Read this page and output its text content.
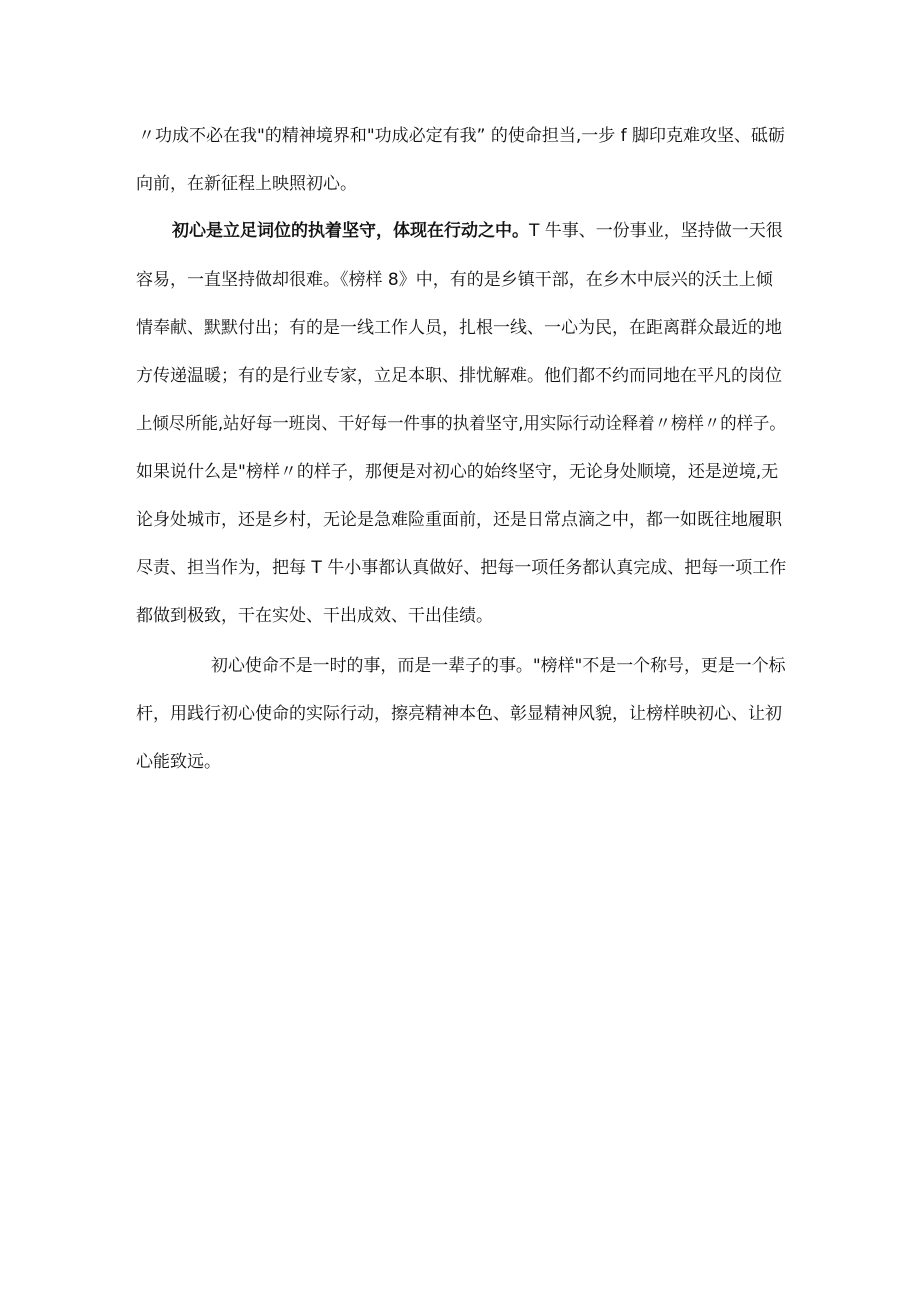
〃功成不必在我"的精神境界和"功成必定有我” 的使命担当,一步 f 脚印克难攻坚、砥砺
向前，在新征程上映照初心。
初心是立足词位的执着坚守，体现在行动之中。T 牛事、一份事业，坚持做一天很
容易，一直坚持做却很难。《榜样 8》中，有的是乡镇干部，在乡木中辰兴的沃土上倾
情奉献、默默付出；有的是一线工作人员，扎根一线、一心为民，在距离群众最近的地
方传递温暖；有的是行业专家，立足本职、排忧解难。他们都不约而同地在平凡的岗位
上倾尽所能,站好每一班岗、干好每一件事的执着坚守,用实际行动诠释着〃榜样〃的样子。
如果说什么是"榜样〃的样子，那便是对初心的始终坚守，无论身处顺境，还是逆境,无
论身处城市，还是乡村，无论是急难险重面前，还是日常点滴之中，都一如既往地履职
尽责、担当作为，把每 T 牛小事都认真做好、把每一项任务都认真完成、把每一项工作
都做到极致，干在实处、干出成效、干出佳绩。
初心使命不是一时的事，而是一辈子的事。"榜样"不是一个称号，更是一个标
杆，用践行初心使命的实际行动，擦亮精神本色、彰显精神风貌，让榜样映初心、让初
心能致远。
